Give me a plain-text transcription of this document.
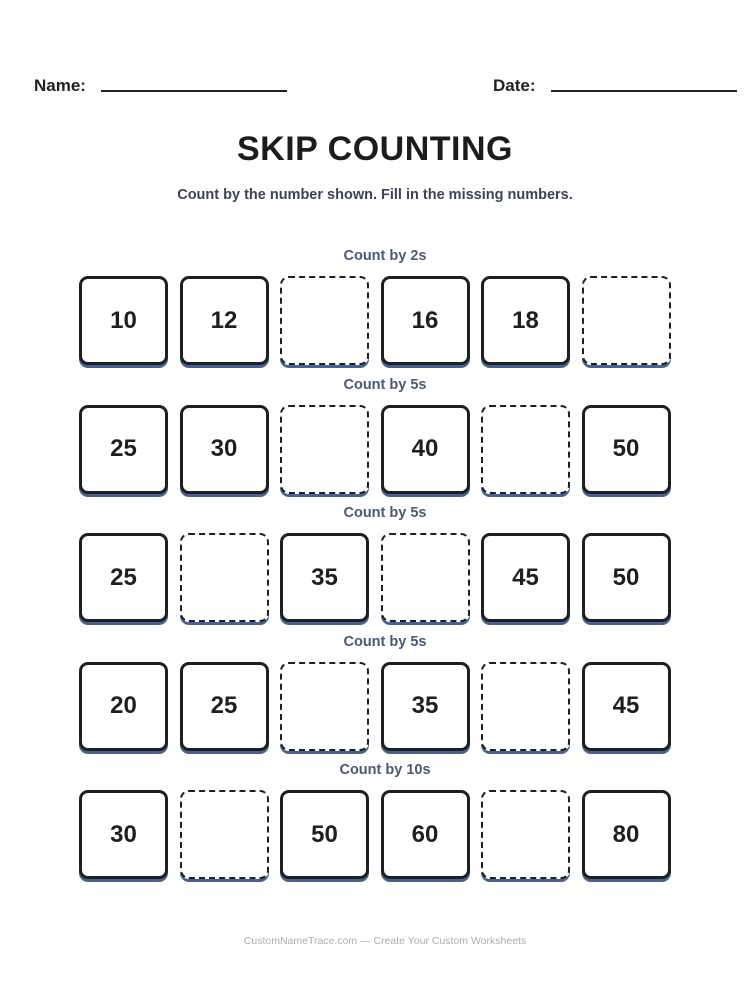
Name:	Date:
SKIP COUNTING
Count by the number shown. Fill in the missing numbers.
Count by 2s
10	12	16	18
Count by 5s
25	30	40	50
Count by 5s
25	35	45	50
Count by 5s
20	25	35	45
Count by 10s
30	50	60	80
CustomNameTrace.com — Create Your Custom Worksheets
